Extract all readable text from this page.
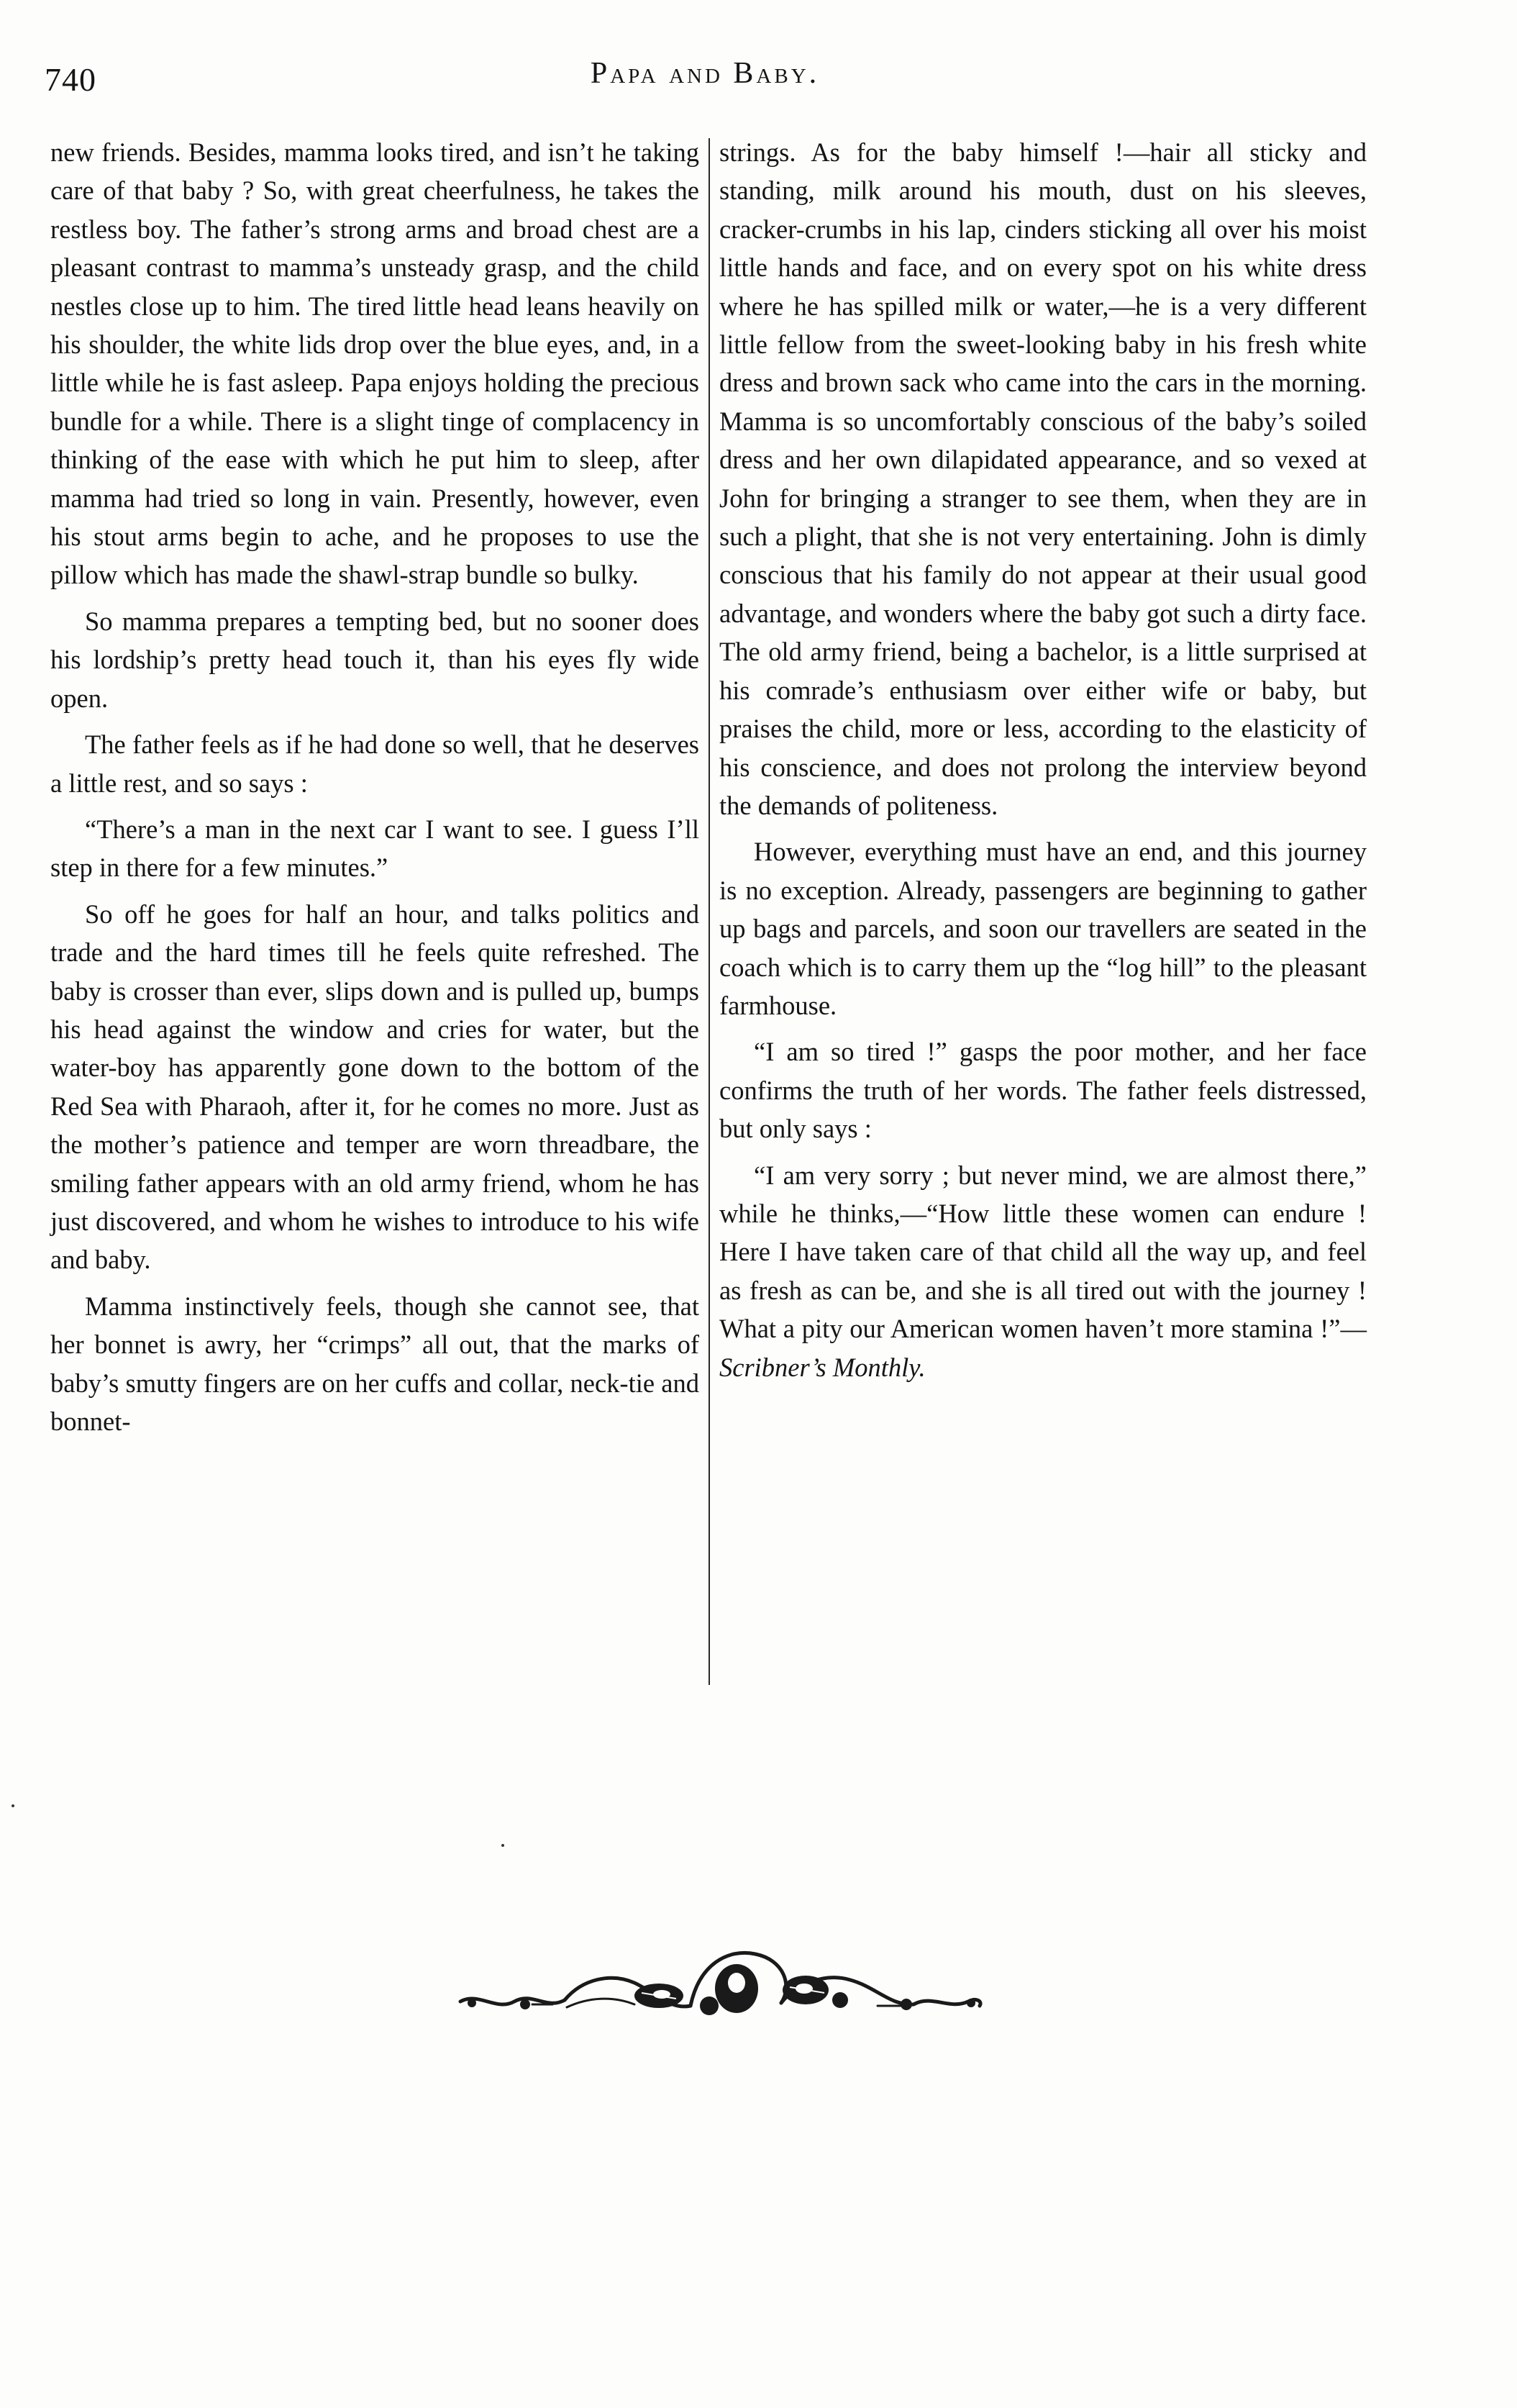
740	Papa and Baby.

new friends. Besides, mamma looks tired, and isn’t he taking care of that baby ? So, with great cheerfulness, he takes the restless boy. The father’s strong arms and broad chest are a pleasant contrast to mamma’s unsteady grasp, and the child nestles close up to him. The tired little head leans heavily on his shoulder, the white lids drop over the blue eyes, and, in a little while he is fast asleep. Papa enjoys holding the precious bundle for a while. There is a slight tinge of complacency in thinking of the ease with which he put him to sleep, after mamma had tried so long in vain. Presently, however, even his stout arms begin to ache, and he proposes to use the pillow which has made the shawl-strap bundle so bulky.

So mamma prepares a tempting bed, but no sooner does his lordship’s pretty head touch it, than his eyes fly wide open.

The father feels as if he had done so well, that he deserves a little rest, and so says :

“There’s a man in the next car I want to see. I guess I’ll step in there for a few minutes.”

So off he goes for half an hour, and talks politics and trade and the hard times till he feels quite refreshed. The baby is crosser than ever, slips down and is pulled up, bumps his head against the window and cries for water, but the water-boy has apparently gone down to the bottom of the Red Sea with Pharaoh, after it, for he comes no more. Just as the mother’s patience and temper are worn threadbare, the smiling father appears with an old army friend, whom he has just discovered, and whom he wishes to introduce to his wife and baby.

Mamma instinctively feels, though she cannot see, that her bonnet is awry, her “crimps” all out, that the marks of baby’s smutty fingers are on her cuffs and collar, neck-tie and bonnet-

strings. As for the baby himself !—hair all sticky and standing, milk around his mouth, dust on his sleeves, cracker-crumbs in his lap, cinders sticking all over his moist little hands and face, and on every spot on his white dress where he has spilled milk or water,—he is a very different little fellow from the sweet-looking baby in his fresh white dress and brown sack who came into the cars in the morning. Mamma is so uncomfortably conscious of the baby’s soiled dress and her own dilapidated appearance, and so vexed at John for bringing a stranger to see them, when they are in such a plight, that she is not very entertaining. John is dimly conscious that his family do not appear at their usual good advantage, and wonders where the baby got such a dirty face. The old army friend, being a bachelor, is a little surprised at his comrade’s enthusiasm over either wife or baby, but praises the child, more or less, according to the elasticity of his conscience, and does not prolong the interview beyond the demands of politeness.

However, everything must have an end, and this journey is no exception. Already, passengers are beginning to gather up bags and parcels, and soon our travellers are seated in the coach which is to carry them up the “log hill” to the pleasant farmhouse.

“I am so tired !” gasps the poor mother, and her face confirms the truth of her words. The father feels distressed, but only says :

“I am very sorry ; but never mind, we are almost there,” while he thinks,—“How little these women can endure ! Here I have taken care of that child all the way up, and feel as fresh as can be, and she is all tired out with the journey ! What a pity our American women haven’t more stamina !”—Scribner’s Monthly.
